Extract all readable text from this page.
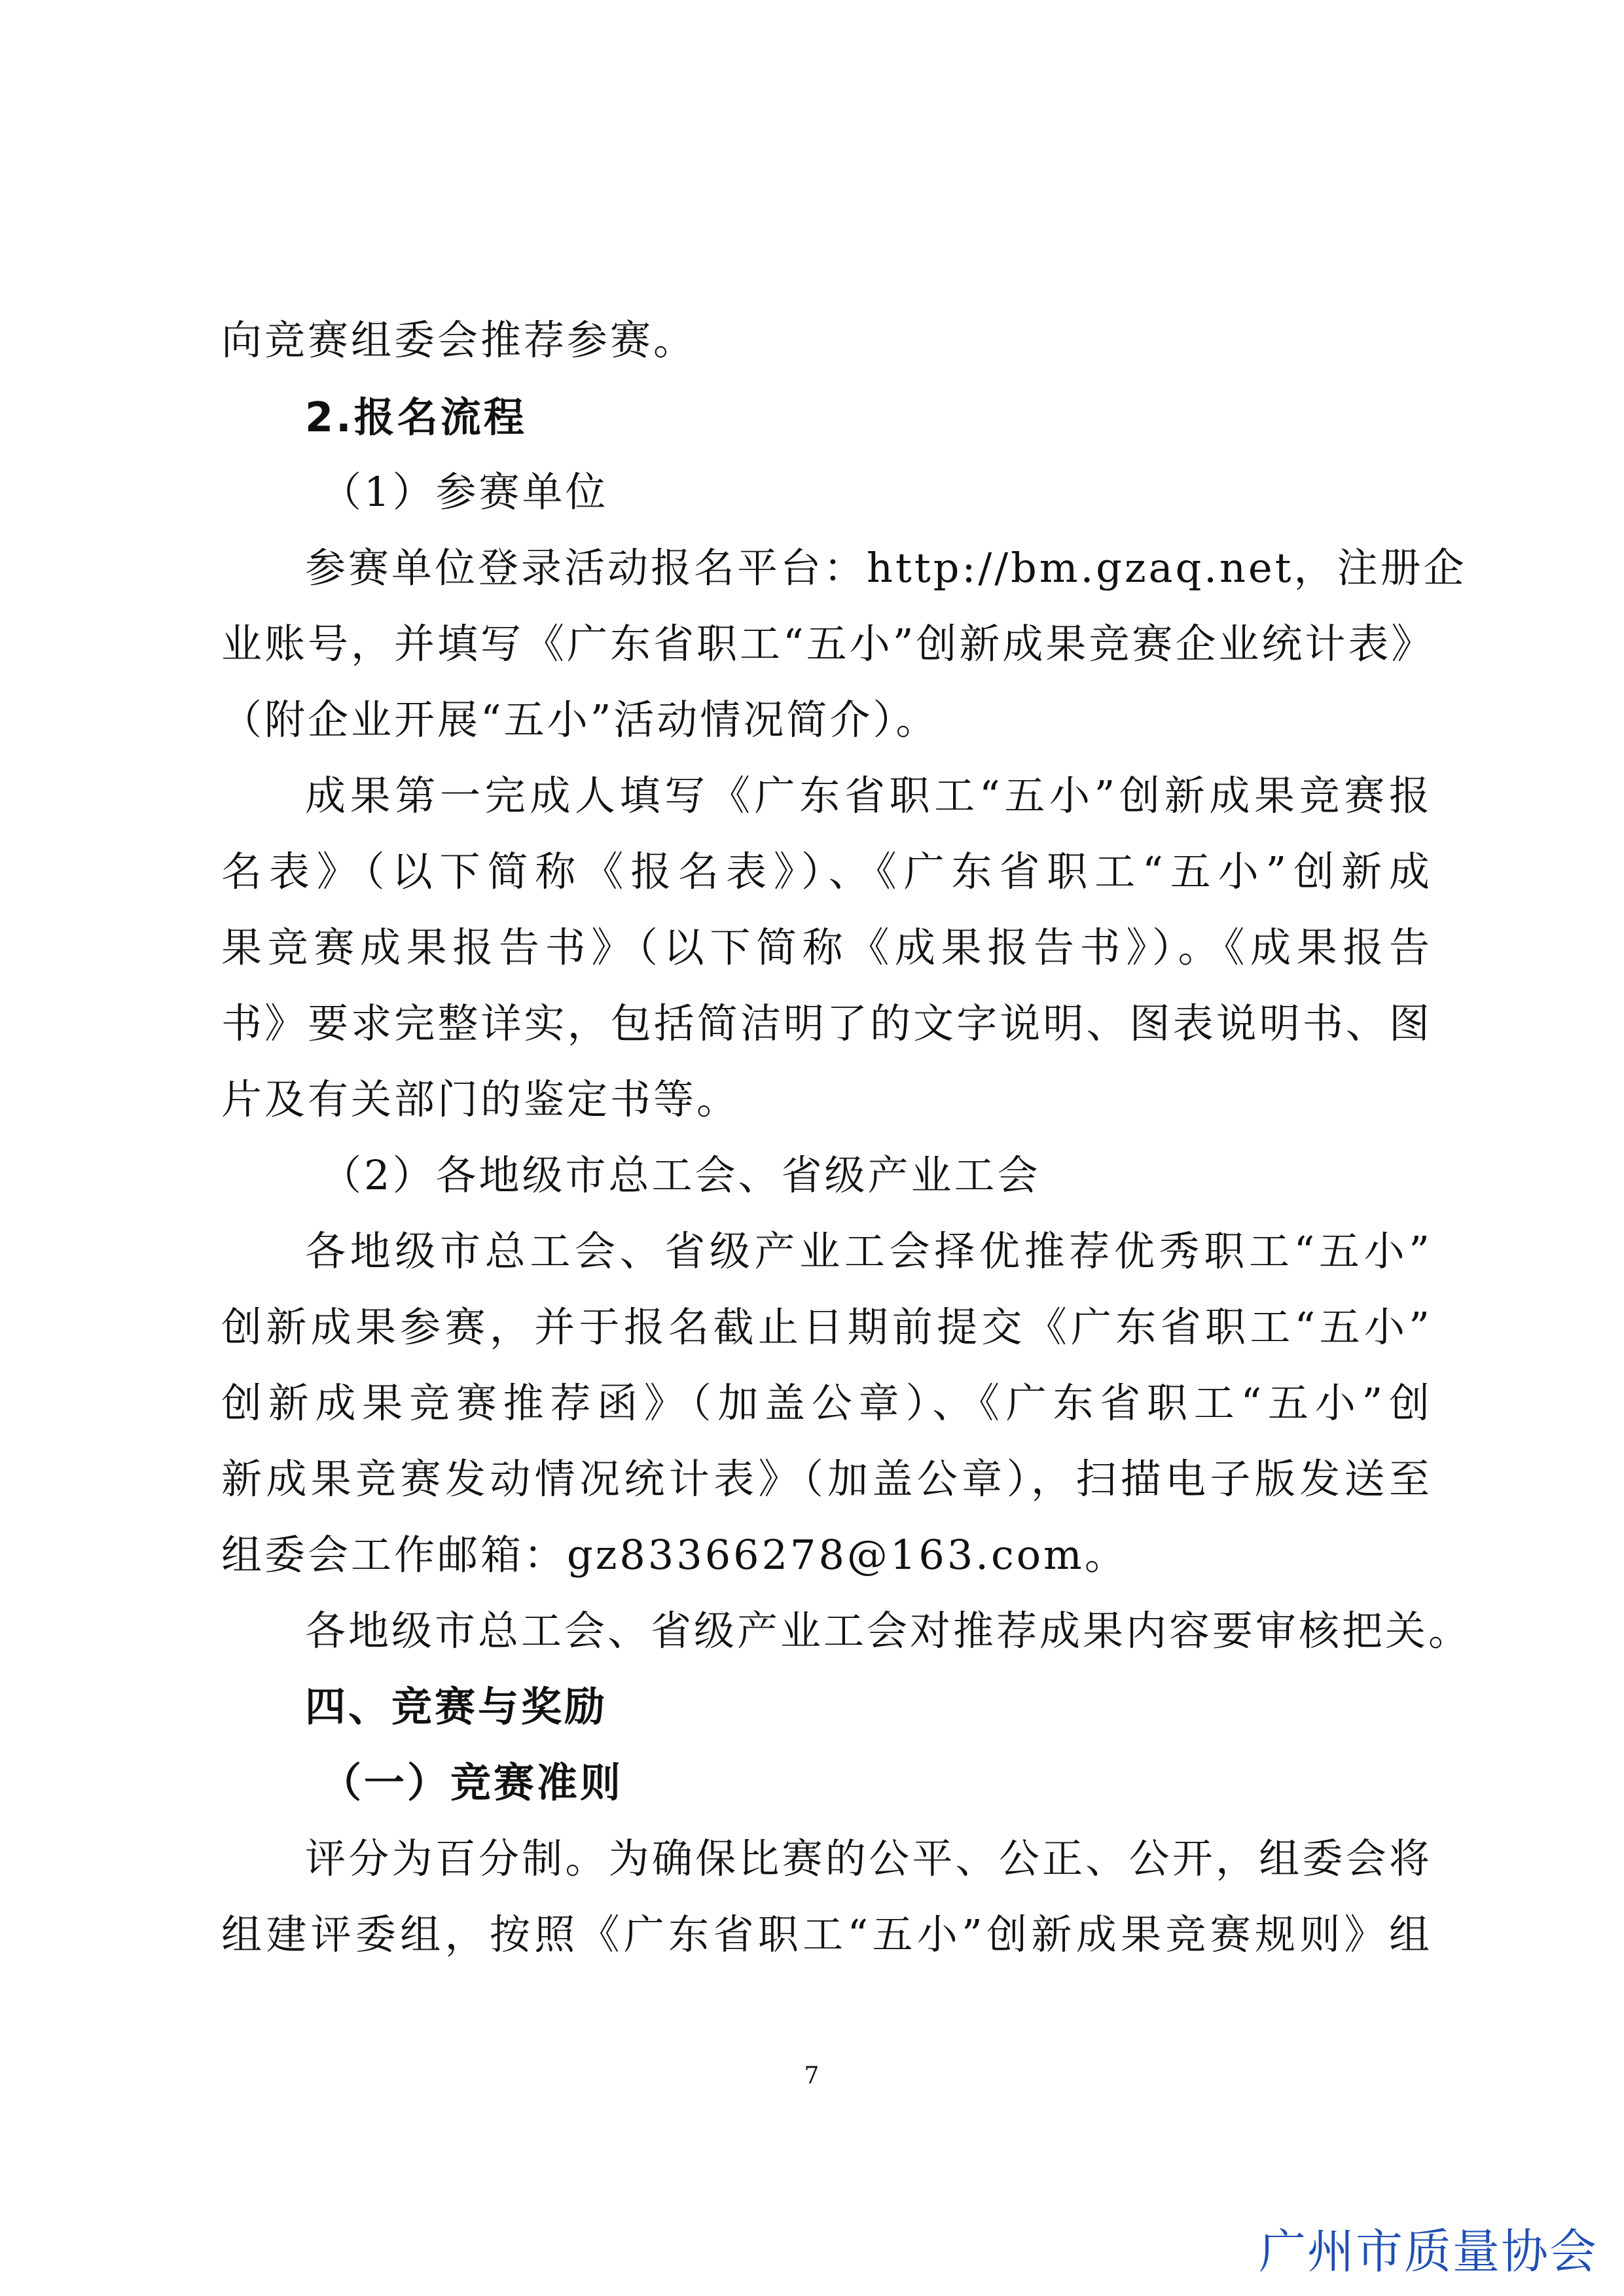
向竞赛组委会推荐参赛。
2.报名流程
（1）参赛单位
参赛单位登录活动报名平台：http://bm.gzaq.net，注册企
业账号，并填写《广东省职工“五小”创新成果竞赛企业统计表》
（附企业开展“五小”活动情况简介）。
成果第一完成人填写《广东省职工“五小”创新成果竞赛报
名表》（以下简称《报名表》）、《广东省职工“五小”创新成
果竞赛成果报告书》（以下简称《成果报告书》）。《成果报告
书》要求完整详实，包括简洁明了的文字说明、图表说明书、图
片及有关部门的鉴定书等。
（2）各地级市总工会、省级产业工会
各地级市总工会、省级产业工会择优推荐优秀职工“五小”
创新成果参赛，并于报名截止日期前提交《广东省职工“五小”
创新成果竞赛推荐函》（加盖公章）、《广东省职工“五小”创
新成果竞赛发动情况统计表》（加盖公章），扫描电子版发送至
组委会工作邮箱：gz83366278@163.com。
各地级市总工会、省级产业工会对推荐成果内容要审核把关。
四、竞赛与奖励
（一）竞赛准则
评分为百分制。为确保比赛的公平、公正、公开，组委会将
组建评委组，按照《广东省职工“五小”创新成果竞赛规则》组
7
广州市质量协会
